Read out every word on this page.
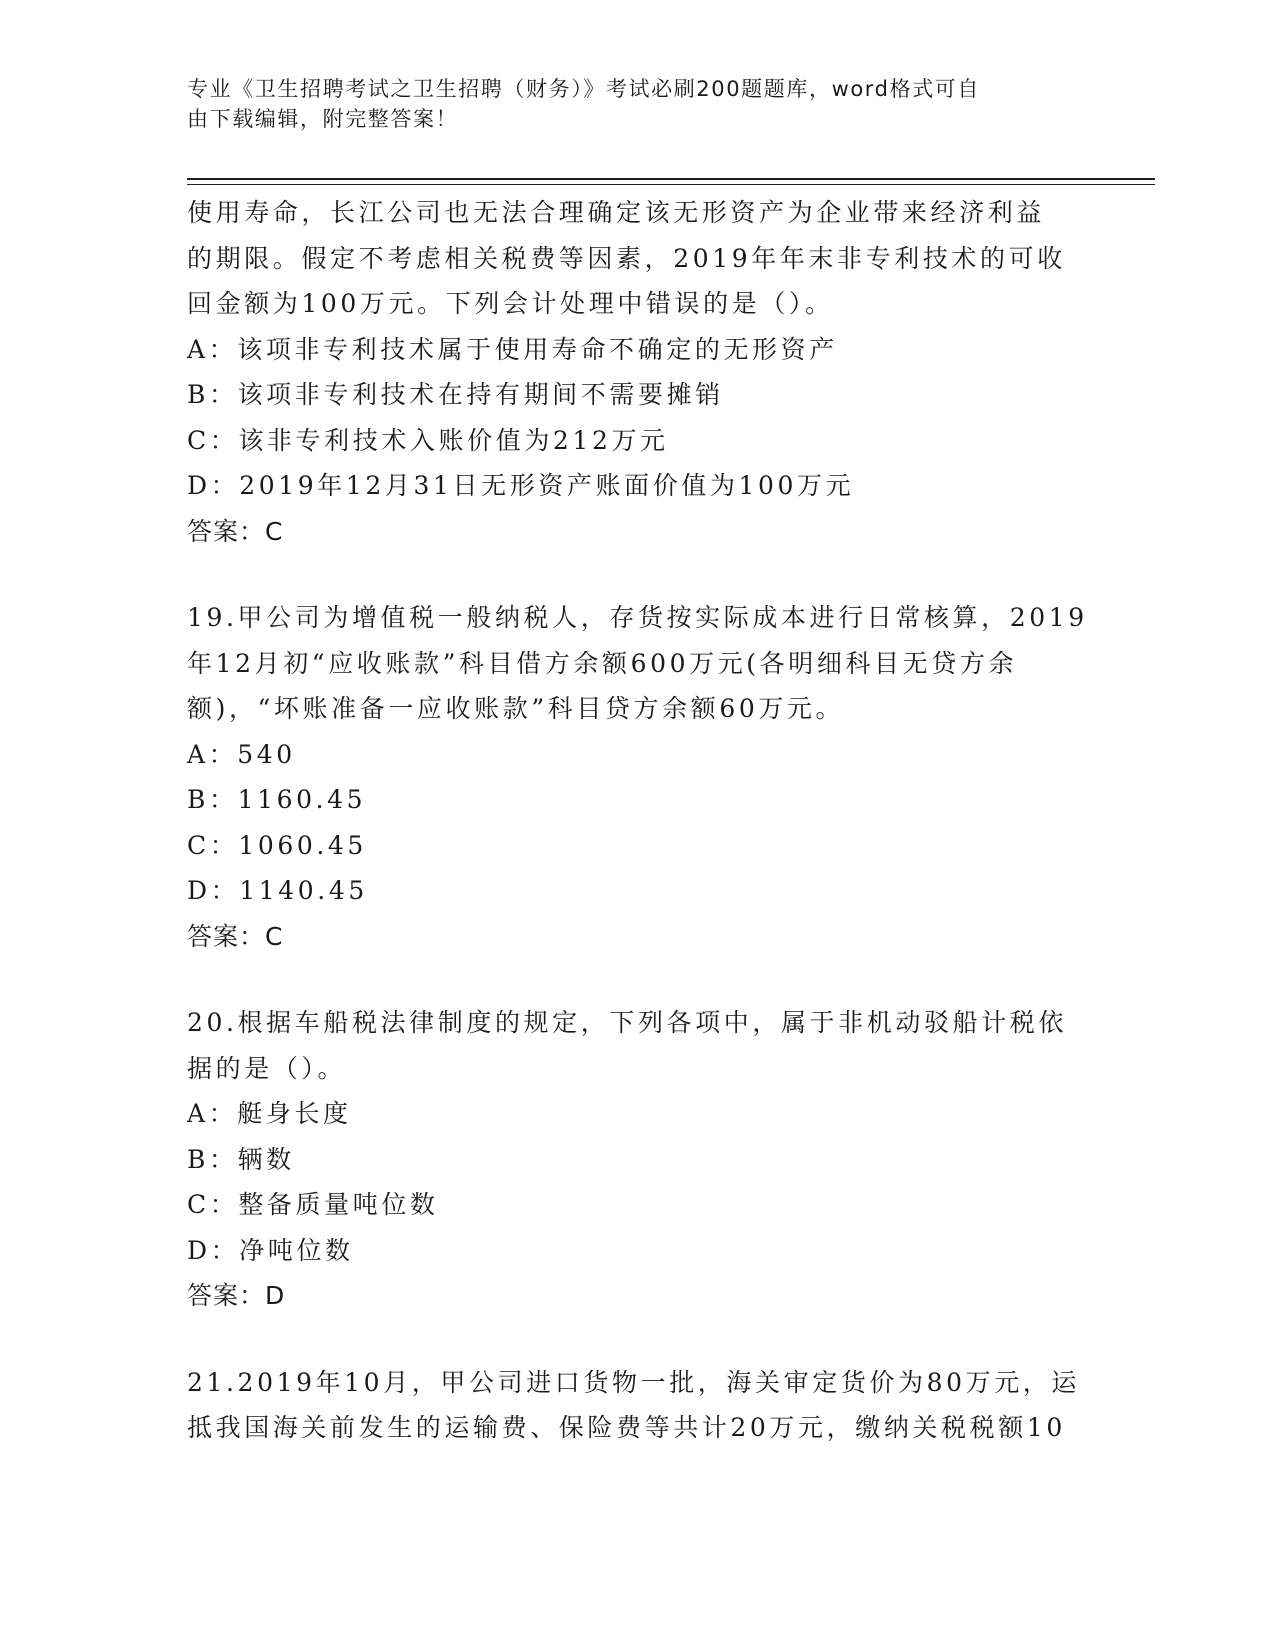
专业《卫生招聘考试之卫生招聘（财务）》考试必刷200题题库，word格式可自
由下载编辑，附完整答案！
使用寿命，长江公司也无法合理确定该无形资产为企业带来经济利益
的期限。假定不考虑相关税费等因素，2019年年末非专利技术的可收
回金额为100万元。下列会计处理中错误的是（）。
A：该项非专利技术属于使用寿命不确定的无形资产
B：该项非专利技术在持有期间不需要摊销
C：该非专利技术入账价值为212万元
D：2019年12月31日无形资产账面价值为100万元
答案：C
19.甲公司为增值税一般纳税人，存货按实际成本进行日常核算，2019
年12月初“应收账款”科目借方余额600万元(各明细科目无贷方余
额)，“坏账准备一应收账款”科目贷方余额60万元。
A：540
B：1160.45
C：1060.45
D：1140.45
答案：C
20.根据车船税法律制度的规定，下列各项中，属于非机动驳船计税依
据的是（）。
A：艇身长度
B：辆数
C：整备质量吨位数
D：净吨位数
答案：D
21.2019年10月，甲公司进口货物一批，海关审定货价为80万元，运
抵我国海关前发生的运输费、保险费等共计20万元，缴纳关税税额10
